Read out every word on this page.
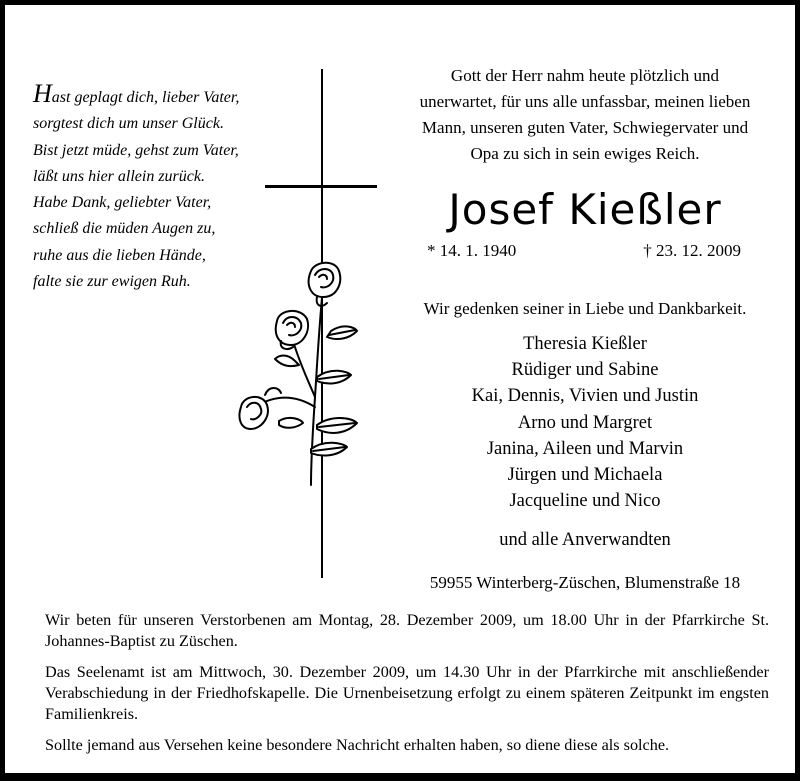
Hast geplagt dich, lieber Vater,
sorgtest dich um unser Glück.
Bist jetzt müde, gehst zum Vater,
läßt uns hier allein zurück.
Habe Dank, geliebter Vater,
schließ die müden Augen zu,
ruhe aus die lieben Hände,
falte sie zur ewigen Ruh.
Gott der Herr nahm heute plötzlich und
unerwartet, für uns alle unfassbar, meinen lieben
Mann, unseren guten Vater, Schwiegervater und
Opa zu sich in sein ewiges Reich.
Josef Kießler
* 14. 1. 1940	† 23. 12. 2009
Wir gedenken seiner in Liebe und Dankbarkeit.
Theresia Kießler
Rüdiger und Sabine
Kai, Dennis, Vivien und Justin
Arno und Margret
Janina, Aileen und Marvin
Jürgen und Michaela
Jacqueline und Nico
und alle Anverwandten
59955 Winterberg-Züschen, Blumenstraße 18

Wir beten für unseren Verstorbenen am Montag, 28. Dezember 2009, um 18.00 Uhr in der Pfarrkirche St. Johannes-Baptist zu Züschen.

Das Seelenamt ist am Mittwoch, 30. Dezember 2009, um 14.30 Uhr in der Pfarrkirche mit anschließender Verabschiedung in der Friedhofskapelle. Die Urnenbeisetzung erfolgt zu einem späteren Zeitpunkt im engsten Familienkreis.

Sollte jemand aus Versehen keine besondere Nachricht erhalten haben, so diene diese als solche.
